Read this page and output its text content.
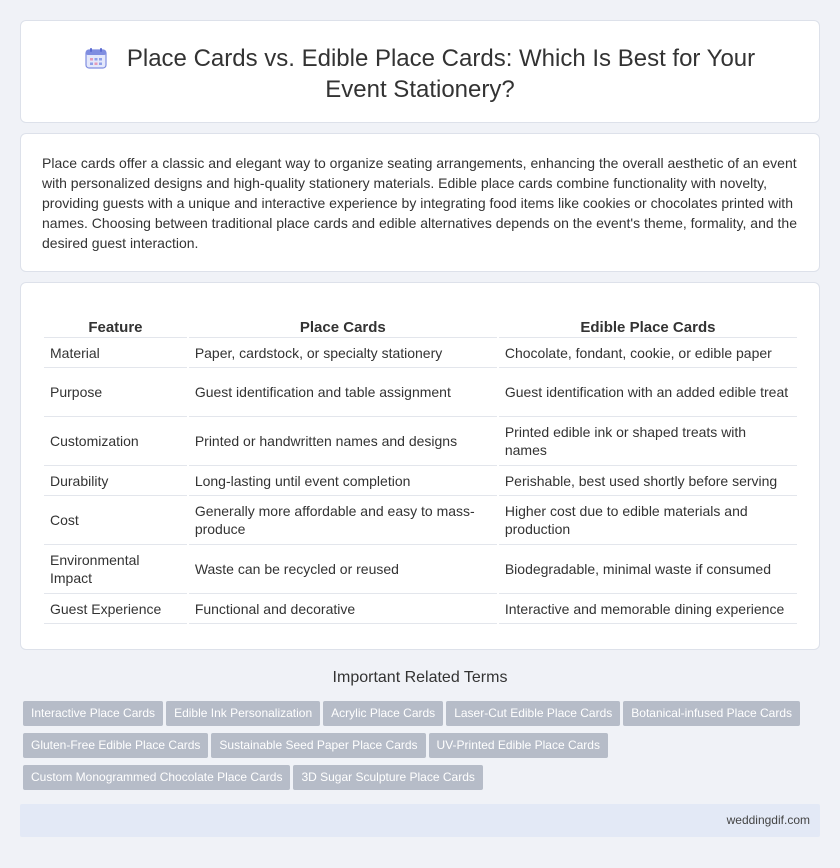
Place Cards vs. Edible Place Cards: Which Is Best for Your Event Stationery?

Place cards offer a classic and elegant way to organize seating arrangements, enhancing the overall aesthetic of an event with personalized designs and high-quality stationery materials. Edible place cards combine functionality with novelty, providing guests with a unique and interactive experience by integrating food items like cookies or chocolates printed with names. Choosing between traditional place cards and edible alternatives depends on the event's theme, formality, and the desired guest interaction.

Feature	Place Cards	Edible Place Cards
Material	Paper, cardstock, or specialty stationery	Chocolate, fondant, cookie, or edible paper
Purpose	Guest identification and table assignment	Guest identification with an added edible treat
Customization	Printed or handwritten names and designs	Printed edible ink or shaped treats with names
Durability	Long-lasting until event completion	Perishable, best used shortly before serving
Cost	Generally more affordable and easy to mass-produce	Higher cost due to edible materials and production
Environmental Impact	Waste can be recycled or reused	Biodegradable, minimal waste if consumed
Guest Experience	Functional and decorative	Interactive and memorable dining experience
Important Related Terms
Interactive Place Cards Edible Ink Personalization Acrylic Place Cards Laser-Cut Edible Place Cards Botanical-infused Place Cards
Gluten-Free Edible Place Cards Sustainable Seed Paper Place Cards UV-Printed Edible Place Cards
Custom Monogrammed Chocolate Place Cards 3D Sugar Sculpture Place Cards
weddingdif.com
